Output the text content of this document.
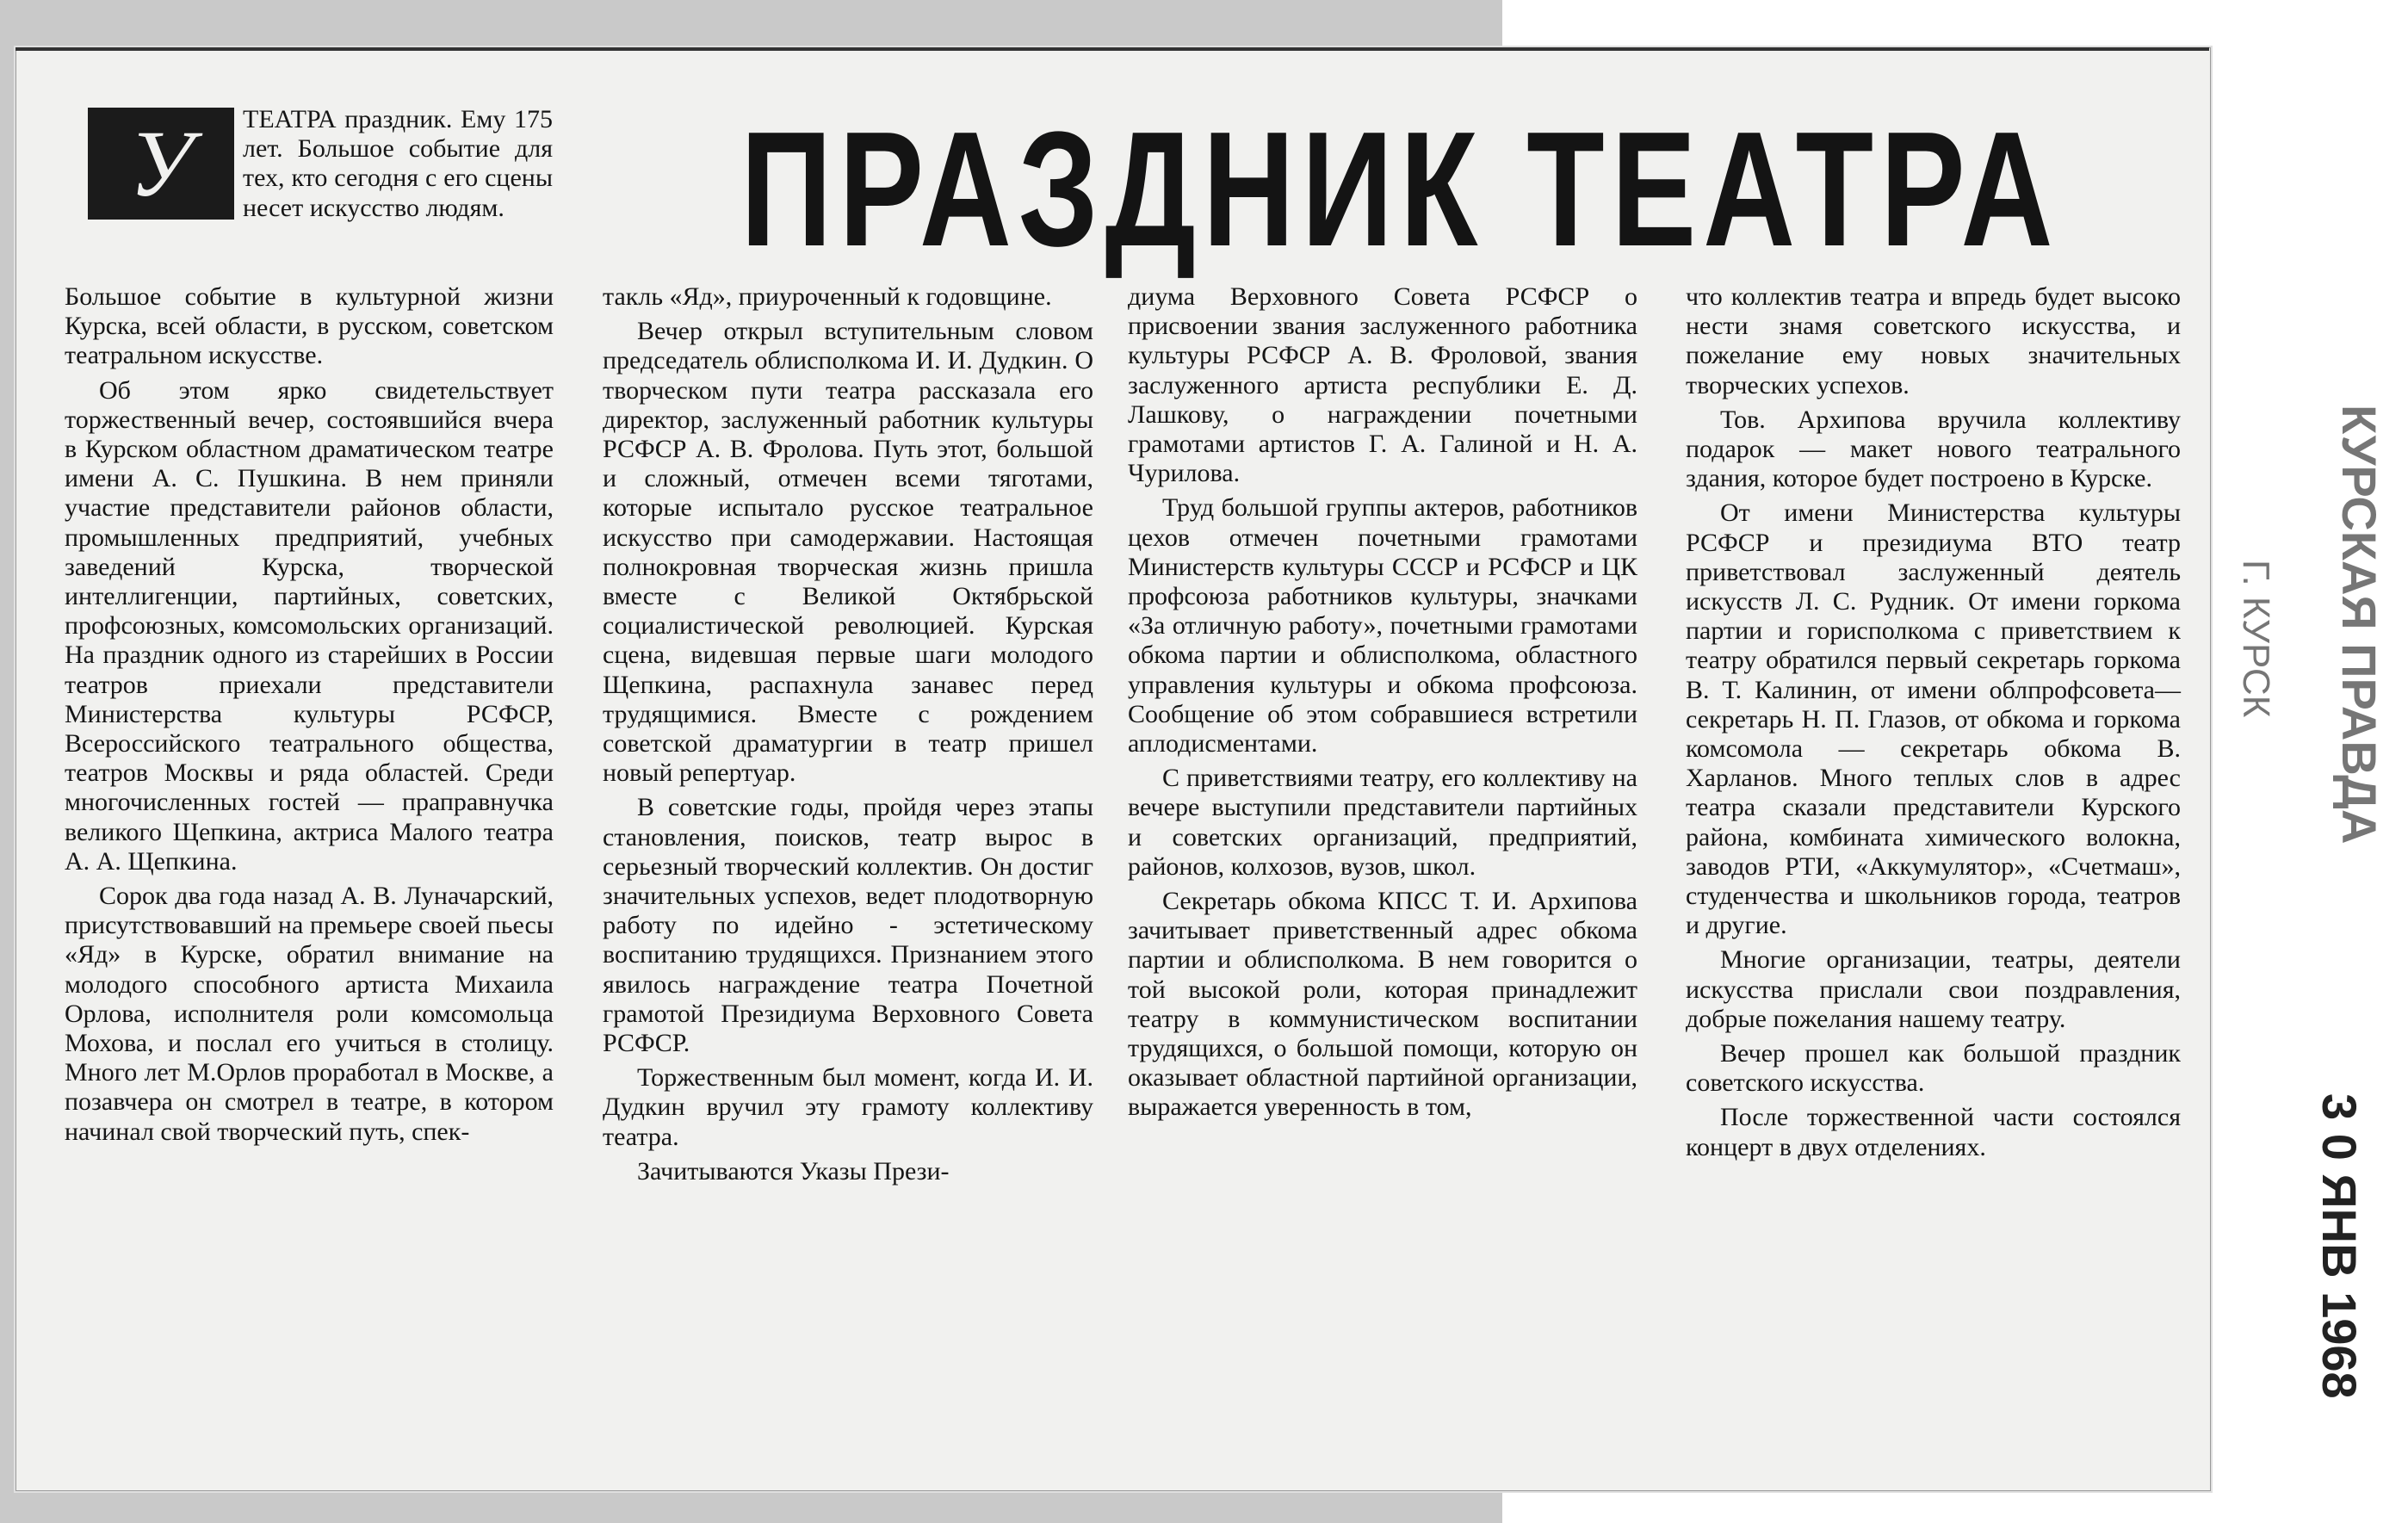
ПРАЗДНИК ТЕАТРА
У	ТЕАТРА праздник. Ему 175 лет. Большое событие для тех, кто сегодня с его сцены несет искусство людям.

Большое событие в культурной жизни Курска, всей области, в русском, советском театральном искусстве.

Об этом ярко свидетельствует торжественный вечер, состоявшийся вчера в Курском областном драматическом театре имени А. С. Пушкина. В нем приняли участие представители районов области, промышленных предприятий, учебных заведений Курска, творческой интеллигенции, партийных, советских, профсоюзных, комсомольских организаций. На праздник одного из старейших в России театров приехали представители Министерства культуры РСФСР, Всероссийского театрального общества, театров Москвы и ряда областей. Среди многочисленных гостей — праправнучка великого Щепкина, актриса Малого театра А. А. Щепкина.

Сорок два года назад А. В. Луначарский, присутствовавший на премьере своей пьесы «Яд» в Курске, обратил внимание на молодого способного артиста Михаила Орлова, исполнителя роли комсомольца Мохова, и послал его учиться в столицу. Много лет М.Орлов проработал в Москве, а позавчера он смотрел в театре, в котором начинал свой творческий путь, спек-

такль «Яд», приуроченный к годовщине.

Вечер открыл вступительным словом председатель облисполкома И. И. Дудкин. О творческом пути театра рассказала его директор, заслуженный работник культуры РСФСР А. В. Фролова. Путь этот, большой и сложный, отмечен всеми тяготами, которые испытало русское театральное искусство при самодержавии. Настоящая полнокровная творческая жизнь пришла вместе с Великой Октябрьской социалистической революцией. Курская сцена, видевшая первые шаги молодого Щепкина, распахнула занавес перед трудящимися. Вместе с рождением советской драматургии в театр пришел новый репертуар.

В советские годы, пройдя через этапы становления, поисков, театр вырос в серьезный творческий коллектив. Он достиг значительных успехов, ведет плодотворную работу по идейно - эстетическому воспитанию трудящихся. Признанием этого явилось награждение театра Почетной грамотой Президиума Верховного Совета РСФСР.

Торжественным был момент, когда И. И. Дудкин вручил эту грамоту коллективу театра.

Зачитываются Указы Прези-

диума Верховного Совета РСФСР о присвоении звания заслуженного работника культуры РСФСР А. В. Фроловой, звания заслуженного артиста республики Е. Д. Лашкову, о награждении почетными грамотами артистов Г. А. Галиной и Н. А. Чурилова.

Труд большой группы актеров, работников цехов отмечен почетными грамотами Министерств культуры СССР и РСФСР и ЦК профсоюза работников культуры, значками «За отличную работу», почетными грамотами обкома партии и облисполкома, областного управления культуры и обкома профсоюза. Сообщение об этом собравшиеся встретили аплодисментами.

С приветствиями театру, его коллективу на вечере выступили представители партийных и советских организаций, предприятий, районов, колхозов, вузов, школ.

Секретарь обкома КПСС Т. И. Архипова зачитывает приветственный адрес обкома партии и облисполкома. В нем говорится о той высокой роли, которая принадлежит театру в коммунистическом воспитании трудящихся, о большой помощи, которую он оказывает областной партийной организации, выражается уверенность в том,

что коллектив театра и впредь будет высоко нести знамя советского искусства, и пожелание ему новых значительных творческих успехов.

Тов. Архипова вручила коллективу подарок — макет нового театрального здания, которое будет построено в Курске.

От имени Министерства культуры РСФСР и президиума ВТО театр приветствовал заслуженный деятель искусств Л. С. Рудник. От имени горкома партии и горисполкома с приветствием к театру обратился первый секретарь горкома В. Т. Калинин, от имени облпрофсовета—секретарь Н. П. Глазов, от обкома и горкома комсомола — секретарь обкома В. Харланов. Много теплых слов в адрес театра сказали представители Курского района, комбината химического волокна, заводов РТИ, «Аккумулятор», «Счетмаш», студенчества и школьников города, театров и другие.

Многие организации, театры, деятели искусства прислали свои поздравления, добрые пожелания нашему театру.

Вечер прошел как большой праздник советского искусства.

После торжественной части состоялся концерт в двух отделениях.

КУРСКАЯ ПРАВДА
Г. КУРСК
3 0 ЯНВ 1968
